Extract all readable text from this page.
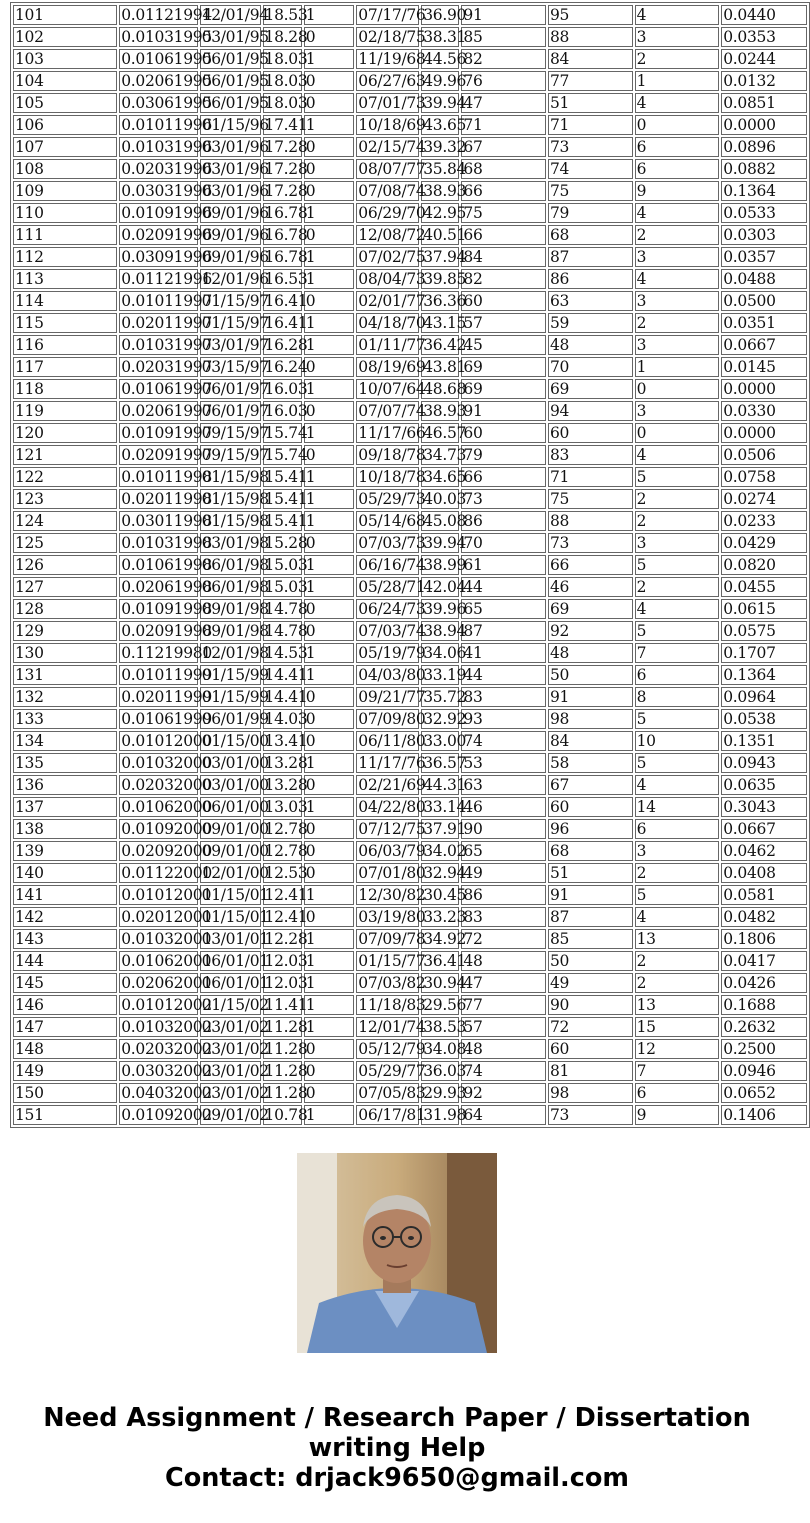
101	0.01121994	12/01/94	18.53	1	07/17/76	36.90	91	95	4	0.0440
102	0.01031995	03/01/95	18.28	0	02/18/75	38.31	85	88	3	0.0353
103	0.01061995	06/01/95	18.03	1	11/19/68	44.56	82	84	2	0.0244
104	0.02061995	06/01/95	18.03	0	06/27/63	49.96	76	77	1	0.0132
105	0.03061995	06/01/95	18.03	0	07/01/73	39.94	47	51	4	0.0851
106	0.01011996	01/15/96	17.41	1	10/18/69	43.65	71	71	0	0.0000
107	0.01031996	03/01/96	17.28	0	02/15/74	39.32	67	73	6	0.0896
108	0.02031996	03/01/96	17.28	0	08/07/77	35.84	68	74	6	0.0882
109	0.03031996	03/01/96	17.28	0	07/08/74	38.93	66	75	9	0.1364
110	0.01091996	09/01/96	16.78	1	06/29/70	42.95	75	79	4	0.0533
111	0.02091996	09/01/96	16.78	0	12/08/72	40.51	66	68	2	0.0303
112	0.03091996	09/01/96	16.78	1	07/02/75	37.94	84	87	3	0.0357
113	0.01121996	12/01/96	16.53	1	08/04/73	39.85	82	86	4	0.0488
114	0.01011997	01/15/97	16.41	0	02/01/77	36.36	60	63	3	0.0500
115	0.02011997	01/15/97	16.41	1	04/18/70	43.15	57	59	2	0.0351
116	0.01031997	03/01/97	16.28	1	01/11/77	36.42	45	48	3	0.0667
117	0.02031997	03/15/97	16.24	0	08/19/69	43.81	69	70	1	0.0145
118	0.01061997	06/01/97	16.03	1	10/07/64	48.68	69	69	0	0.0000
119	0.02061997	06/01/97	16.03	0	07/07/74	38.93	91	94	3	0.0330
120	0.01091997	09/15/97	15.74	1	11/17/66	46.57	60	60	0	0.0000
121	0.02091997	09/15/97	15.74	0	09/18/78	34.73	79	83	4	0.0506
122	0.01011998	01/15/98	15.41	1	10/18/78	34.65	66	71	5	0.0758
123	0.02011998	01/15/98	15.41	1	05/29/73	40.03	73	75	2	0.0274
124	0.03011998	01/15/98	15.41	1	05/14/68	45.08	86	88	2	0.0233
125	0.01031998	03/01/98	15.28	0	07/03/73	39.94	70	73	3	0.0429
126	0.01061998	06/01/98	15.03	1	06/16/74	38.99	61	66	5	0.0820
127	0.02061998	06/01/98	15.03	1	05/28/71	42.04	44	46	2	0.0455
128	0.01091998	09/01/98	14.78	0	06/24/73	39.96	65	69	4	0.0615
129	0.02091998	09/01/98	14.78	0	07/03/74	38.94	87	92	5	0.0575
130	0.11219980	12/01/98	14.53	1	05/19/79	34.06	41	48	7	0.1707
131	0.01011999	01/15/99	14.41	1	04/03/80	33.19	44	50	6	0.1364
132	0.02011999	01/15/99	14.41	0	09/21/77	35.72	83	91	8	0.0964
133	0.01061999	06/01/99	14.03	0	07/09/80	32.92	93	98	5	0.0538
134	0.01012000	01/15/00	13.41	0	06/11/80	33.00	74	84	10	0.1351
135	0.01032000	03/01/00	13.28	1	11/17/76	36.57	53	58	5	0.0943
136	0.02032000	03/01/00	13.28	0	02/21/69	44.31	63	67	4	0.0635
137	0.01062000	06/01/00	13.03	1	04/22/80	33.14	46	60	14	0.3043
138	0.01092000	09/01/00	12.78	0	07/12/75	37.91	90	96	6	0.0667
139	0.02092000	09/01/00	12.78	0	06/03/79	34.02	65	68	3	0.0462
140	0.01122000	12/01/00	12.53	0	07/01/80	32.94	49	51	2	0.0408
141	0.01012001	01/15/01	12.41	1	12/30/82	30.45	86	91	5	0.0581
142	0.02012001	01/15/01	12.41	0	03/19/80	33.23	83	87	4	0.0482
143	0.01032001	03/01/01	12.28	1	07/09/78	34.92	72	85	13	0.1806
144	0.01062001	06/01/01	12.03	1	01/15/77	36.41	48	50	2	0.0417
145	0.02062001	06/01/01	12.03	1	07/03/82	30.94	47	49	2	0.0426
146	0.01012002	01/15/02	11.41	1	11/18/83	29.56	77	90	13	0.1688
147	0.01032002	03/01/02	11.28	1	12/01/74	38.53	57	72	15	0.2632
148	0.02032002	03/01/02	11.28	0	05/12/79	34.08	48	60	12	0.2500
149	0.03032002	03/01/02	11.28	0	05/29/77	36.03	74	81	7	0.0946
150	0.04032002	03/01/02	11.28	0	07/05/83	29.93	92	98	6	0.0652
151	0.01092002	09/01/02	10.78	1	06/17/81	31.98	64	73	9	0.1406
Need Assignment / Research Paper / Dissertation
writing Help
Contact: drjack9650@gmail.com
